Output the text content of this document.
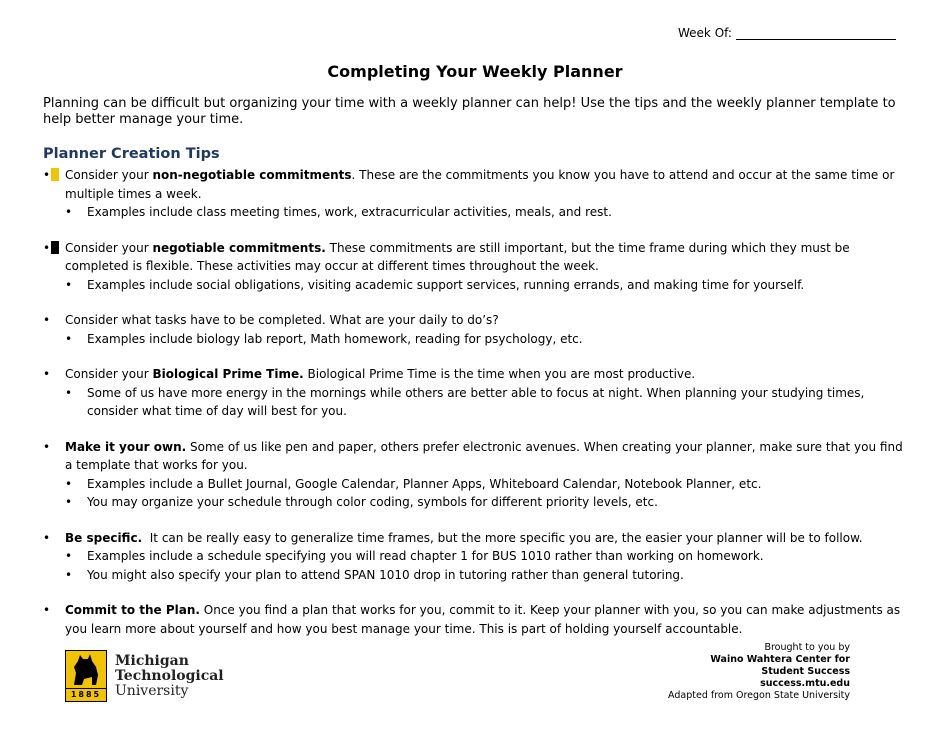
Week Of:
Completing Your Weekly Planner

Planning can be difficult but organizing your time with a weekly planner can help! Use the tips and the weekly planner template to help better manage your time.

Planner Creation Tips
•	Consider your non-negotiable commitments. These are the commitments you know you have to attend and occur at the same time or multiple times a week.
• Examples include class meeting times, work, extracurricular activities, meals, and rest.
•	Consider your negotiable commitments. These commitments are still important, but the time frame during which they must be completed is flexible. These activities may occur at different times throughout the week.
• Examples include social obligations, visiting academic support services, running errands, and making time for yourself.
• Consider what tasks have to be completed. What are your daily to do’s?
• Examples include biology lab report, Math homework, reading for psychology, etc.
• Consider your Biological Prime Time. Biological Prime Time is the time when you are most productive.
• Some of us have more energy in the mornings while others are better able to focus at night. When planning your studying times, consider what time of day will best for you.
• Make it your own. Some of us like pen and paper, others prefer electronic avenues. When creating your planner, make sure that you find a template that works for you.
• Examples include a Bullet Journal, Google Calendar, Planner Apps, Whiteboard Calendar, Notebook Planner, etc.
• You may organize your schedule through color coding, symbols for different priority levels, etc.
• Be specific.  It can be really easy to generalize time frames, but the more specific you are, the easier your planner will be to follow.
• Examples include a schedule specifying you will read chapter 1 for BUS 1010 rather than working on homework.
• You might also specify your plan to attend SPAN 1010 drop in tutoring rather than general tutoring.
• Commit to the Plan. Once you find a plan that works for you, commit to it. Keep your planner with you, so you can make adjustments as you learn more about yourself and how you best manage your time. This is part of holding yourself accountable.
1885
Michigan
Technological
University
Brought to you by
Waino Wahtera Center for
Student Success
success.mtu.edu
Adapted from Oregon State University
